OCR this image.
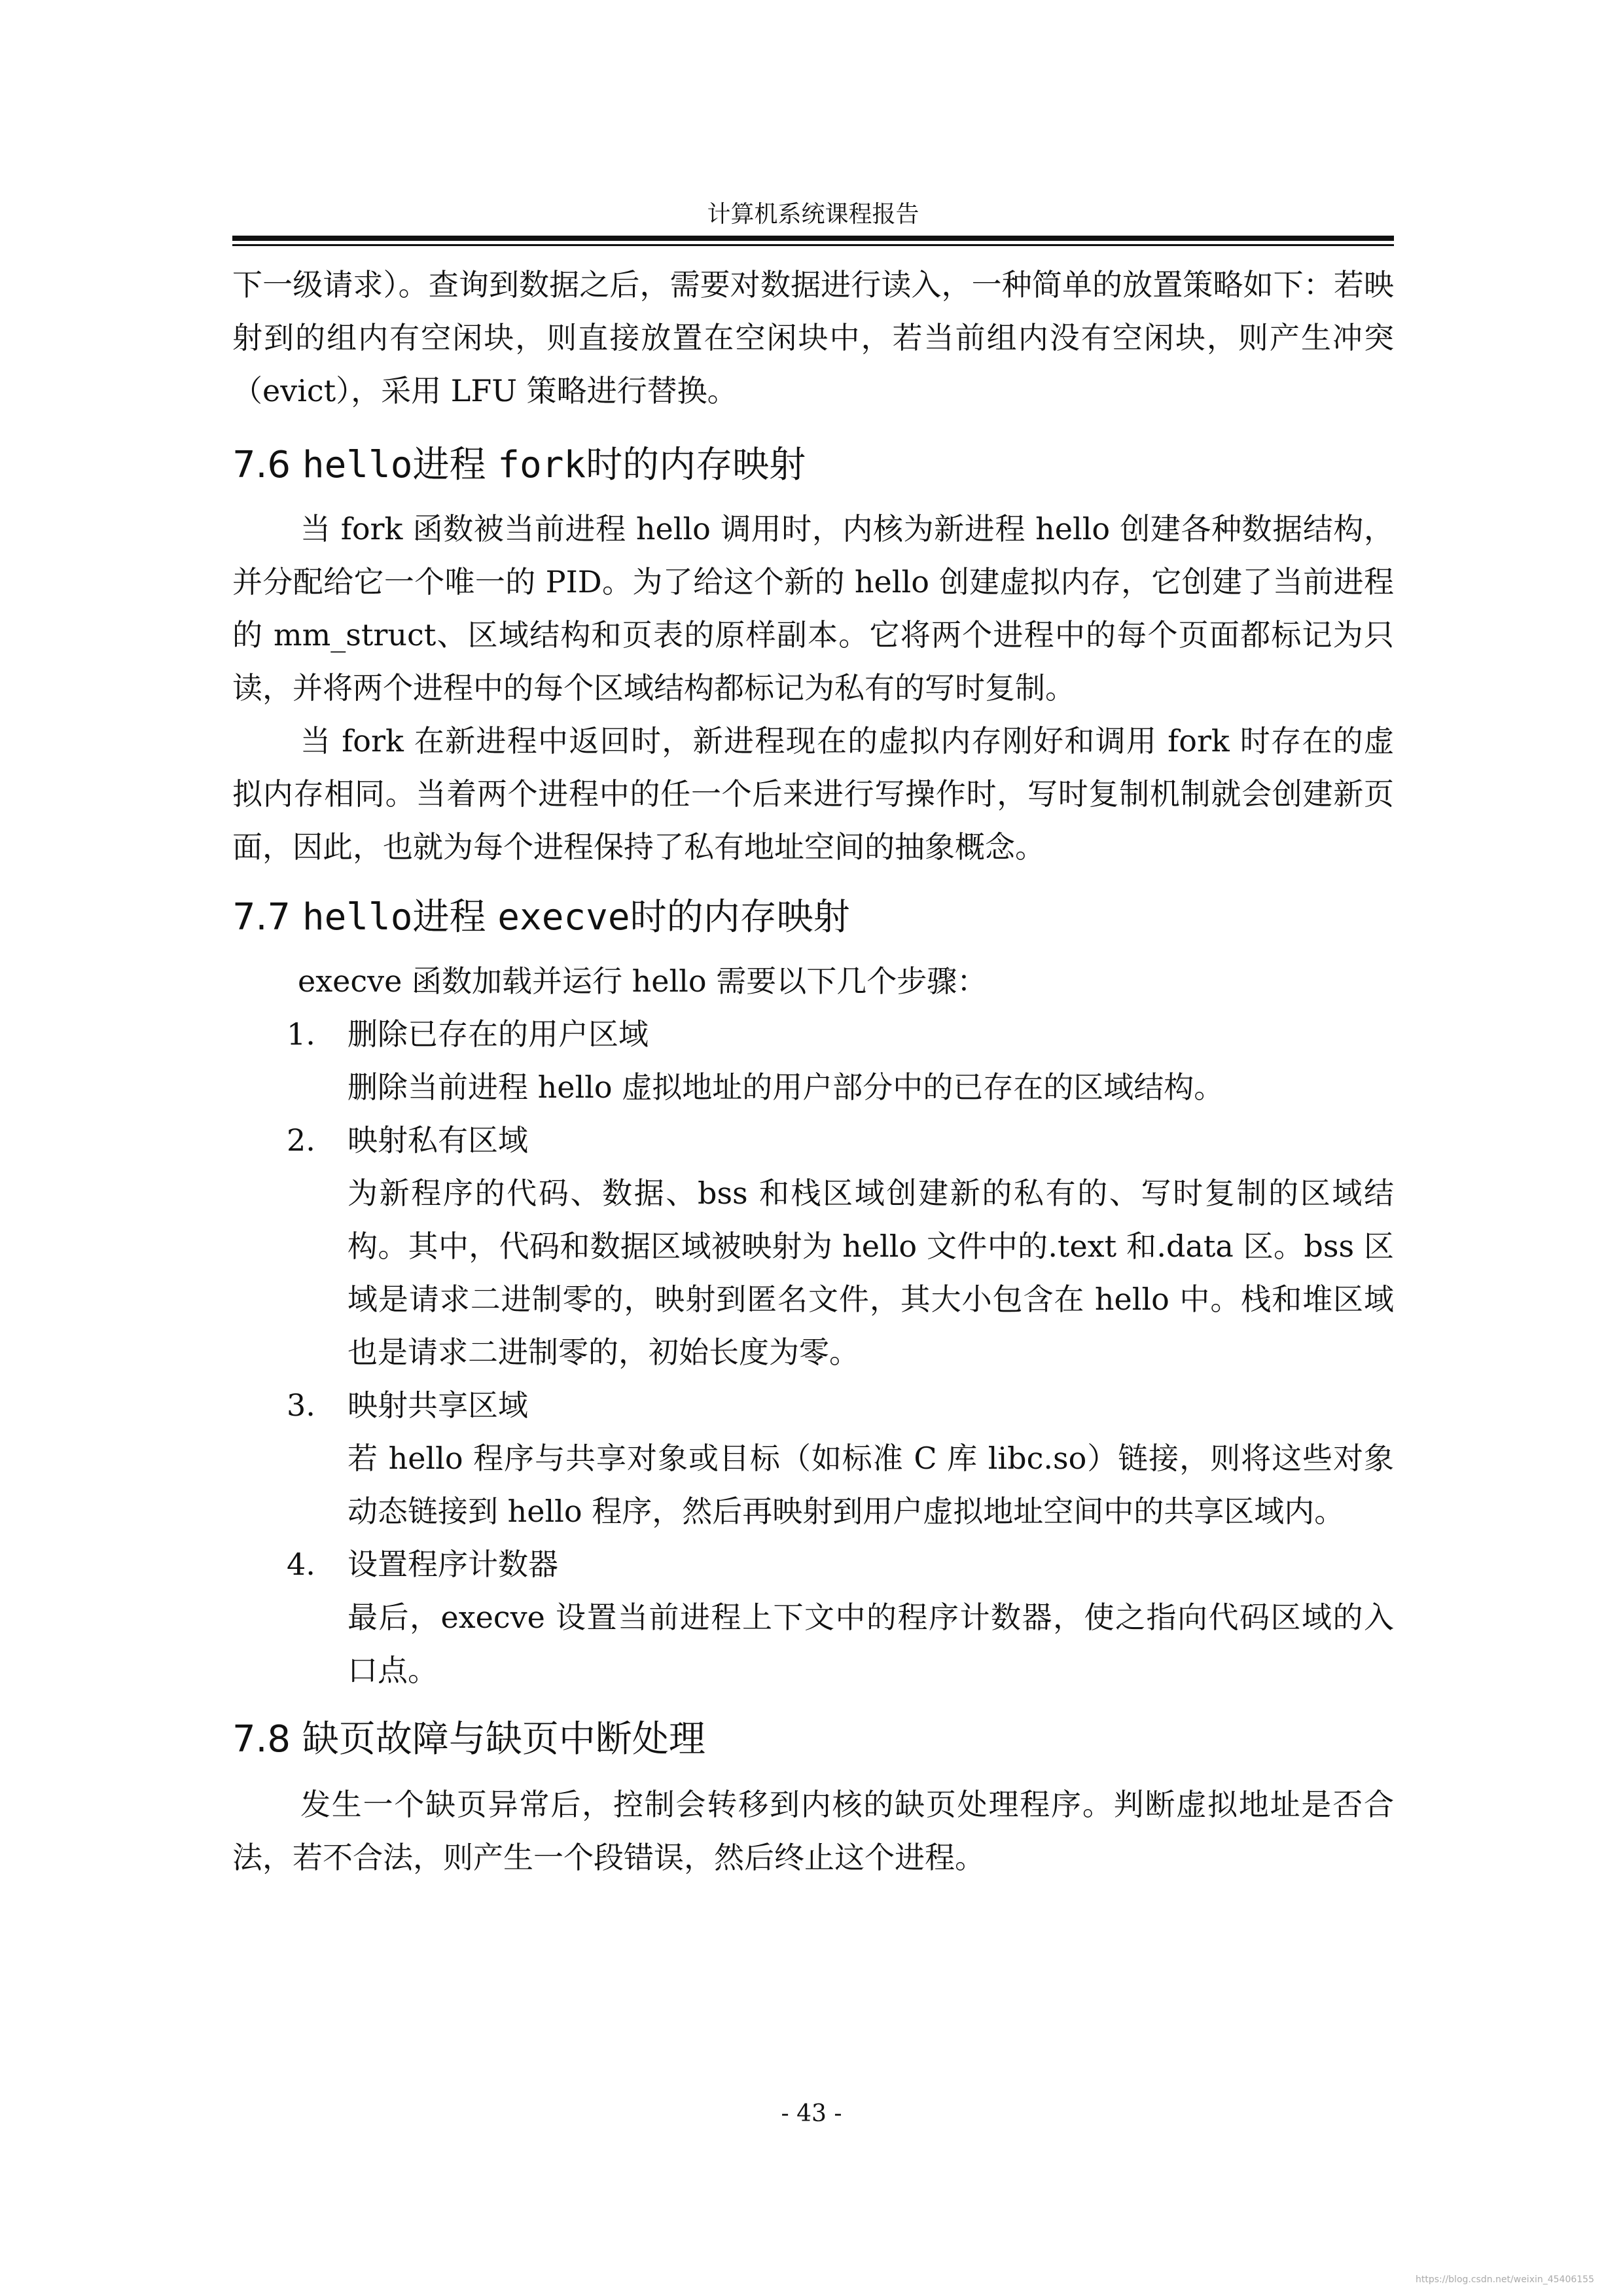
计算机系统课程报告

下一级请求）。查询到数据之后，需要对数据进行读入，一种简单的放置策略如下：若映射到的组内有空闲块，则直接放置在空闲块中，若当前组内没有空闲块，则产生冲突（evict），采用 LFU 策略进行替换。

7.6 hello进程 fork时的内存映射

当 fork 函数被当前进程 hello 调用时，内核为新进程 hello 创建各种数据结构，并分配给它一个唯一的 PID。为了给这个新的 hello 创建虚拟内存，它创建了当前进程的 mm_struct、区域结构和页表的原样副本。它将两个进程中的每个页面都标记为只读，并将两个进程中的每个区域结构都标记为私有的写时复制。

当 fork 在新进程中返回时，新进程现在的虚拟内存刚好和调用 fork 时存在的虚拟内存相同。当着两个进程中的任一个后来进行写操作时，写时复制机制就会创建新页面，因此，也就为每个进程保持了私有地址空间的抽象概念。

7.7 hello进程 execve时的内存映射

execve 函数加载并运行 hello 需要以下几个步骤：

1. 删除已存在的用户区域

删除当前进程 hello 虚拟地址的用户部分中的已存在的区域结构。

2. 映射私有区域

为新程序的代码、数据、bss 和栈区域创建新的私有的、写时复制的区域结构。其中，代码和数据区域被映射为 hello 文件中的.text 和.data 区。bss 区域是请求二进制零的，映射到匿名文件，其大小包含在 hello 中。栈和堆区域也是请求二进制零的，初始长度为零。

3. 映射共享区域

若 hello 程序与共享对象或目标（如标准 C 库 libc.so）链接，则将这些对象动态链接到 hello 程序，然后再映射到用户虚拟地址空间中的共享区域内。

4. 设置程序计数器

最后，execve 设置当前进程上下文中的程序计数器，使之指向代码区域的入口点。

7.8 缺页故障与缺页中断处理

发生一个缺页异常后，控制会转移到内核的缺页处理程序。判断虚拟地址是否合法，若不合法，则产生一个段错误，然后终止这个进程。

- 43 -
https://blog.csdn.net/weixin_45406155
